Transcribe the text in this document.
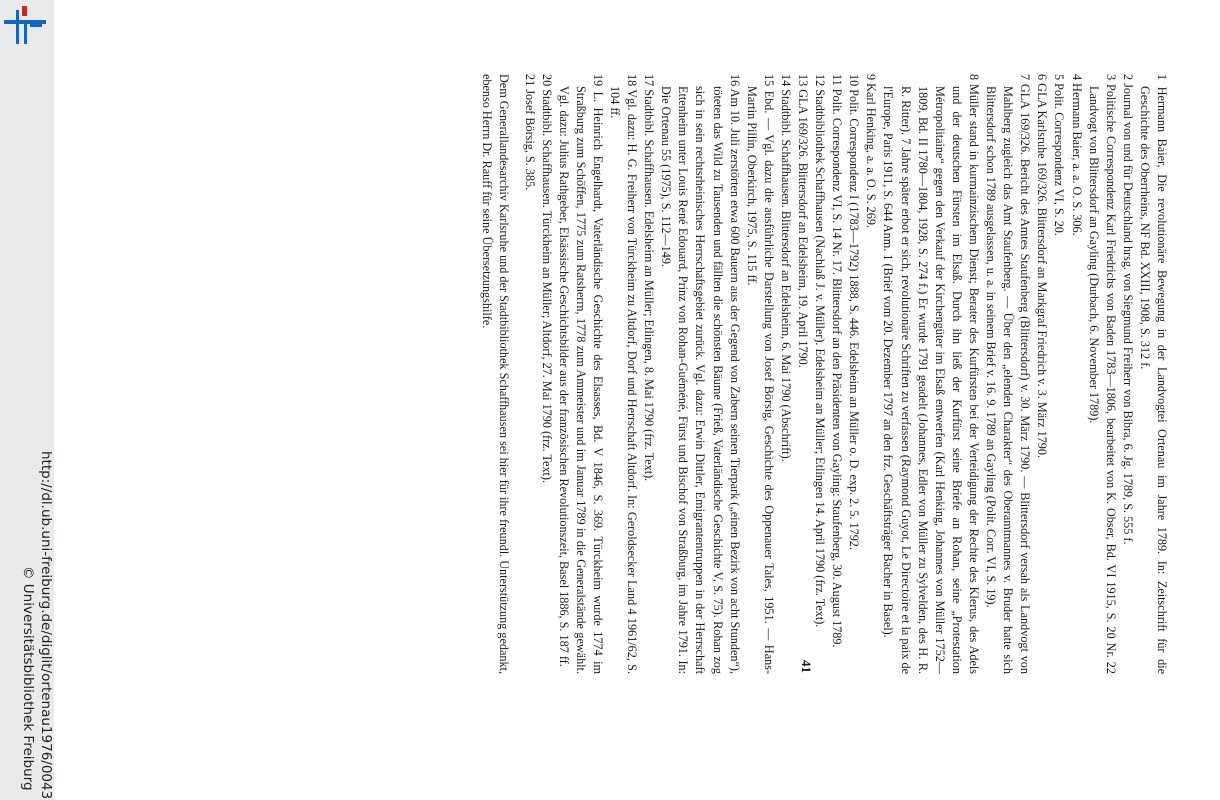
http://dl.ub.uni-freiburg.de/diglit/ortenau1976/0043
© Universitätsbibliothek Freiburg

1 Hermann Baier, Die revolutionäre Bewegung in der Landvogtei Ortenau im Jahre 1789. In: Zeitschrift für die Geschichte des Oberrheins, NF Bd. XXIII, 1908, S. 312 f.

2 Journal von und für Deutschland hrsg. von Siegmund Freiherr von Bibra, 6. Jg. 1789, S. 555 f.

3 Politische Correspondenz Karl Friedrichs von Baden 1783—1806, bearbeitet von K. Obser, Bd. VI 1915, S. 20 Nr. 22 Landvogt von Blittersdorf an Gayling (Durbach, 6. November 1789).

4 Hermann Baier, a. a. O. S. 306.

5 Polit. Correspondenz VI, S. 20.

6 GLA Karlsruhe 169/326. Blittersdorf an Markgraf Friedrich v. 3. März 1790.

7 GLA 169/326. Bericht des Amtes Staufenberg (Blittersdorf) v. 30. März 1790. — Blittersdorf versah als Landvogt von Mahlberg zugleich das Amt Staufenberg. — Über den „elenden Charakter“ des Oberamtmannes v. Bruder hatte sich Blittersdorf schon 1789 ausgelassen, u. a. in seinem Brief v. 16. 9. 1789 an Gayling (Polit. Corr. VI, S. 19).

8 Müller stand in kurmainzischem Dienst; Berater des Kurfürsten bei der Verteidigung der Rechte des Klerus, des Adels und der deutschen Fürsten im Elsaß. Durch ihn ließ der Kurfürst seine Briefe an Rohan, seine „Protestation Métropolitaine“ gegen den Verkauf der Kirchengüter im Elsaß entwerfen (Karl Henking, Johannes von Müller 1752—1809, Bd. II 1780—1804, 1928, S. 274 f.) Er wurde 1791 geadelt (Johannes, Edler von Müller zu Sylvelden, des H. R. R. Ritter). 7 Jahre später erbot er sich, revolutionäre Schriften zu verfassen (Raymond Guyot, Le Directoire et la paix de l'Europe, Paris 1911, S. 644 Anm. 1 (Brief vom 20. Dezember 1797 an den frz. Geschäftsträger Bacher in Basel).

9 Karl Henking, a. a. O. S. 269.

10 Polit. Correspondenz I (1783—1792) 1888, S. 446. Edelsheim an Müller o. D. exp. 2. 5. 1792.

11 Polit. Correspondenz VI, S. 14 Nr. 17. Blittersdorf an den Präsidenten von Gayling: Staufenberg, 30. August 1789.

12 Stadtbibliothek Schaffhausen (Nachlaß J. v. Müller). Edelsheim an Müller; Etlingen 14. April 1790 (frz. Text).

13 GLA 169/326. Blittersdorf an Edelsheim, 19. April 1790.

14 Stadtbibl. Schaffhausen. Blittersdorf an Edelsheim, 6. Mai 1790 (Abschrift).

15 Ebd. — Vgl. dazu die ausführliche Darstellung von Josef Börsig, Geschichte des Oppenauer Tales, 1951. — Hans-Martin Pillin, Oberkirch, 1975, S. 115 ff.

16 Am 10. Juli zerstörten etwa 600 Bauern aus der Gegend von Zabern seinen Tierpark („einen Bezirk von acht Stunden“), töteten das Wild zu Tausenden und fällten die schönsten Bäume (Frieß, Vaterländische Geschichte V, S. 75). Rohan zog sich in sein rechtsrheinisches Herrschaftsgebiet zurück. Vgl. dazu: Erwin Dittler, Emigrantentruppen in der Herrschaft Ettenheim unter Louis René Edouard, Prinz von Rohan-Guéméné, Fürst und Bischof von Straßburg, im Jahre 1791. In: Die Ortenau 55 (1975), S. 112—149.

17 Stadtbibl. Schaffhausen. Edelsheim an Müller; Etlingen, 8. Mai 1790 (frz. Text).

18 Vgl. dazu: H. G. Freiherr von Türckheim zu Altdorf, Dorf und Herrschaft Altdorf. In: Geroldsecker Land 4 1961/62, S. 104 ff.

19 L. Heinrich Engelhardt, Vaterländische Geschichte des Elsasses, Bd. V 1846, S. 369. Türckheim wurde 1774 im Straßburg zum Schöffen, 1775 zum Ratsherrn, 1778 zum Ammeister und im Januar 1789 in die Generalstände gewählt. Vgl. dazu: Julius Rathgeber, Elsässische Geschichtsbilder aus der französischen Revolutionszeit, Basel 1886, S. 187 ff.

20 Stadtbibl. Schaffhausen. Türckheim an Müller; Altdorf, 27. Mai 1790 (frz. Text).

21 Josef Börsig, S. 385.

Dem Generallandesarchiv Karlsruhe und der Stadtbibliothek Schaffhausen sei hier für ihre freundl. Unterstützung gedankt, ebenso Herrn Dr. Rauff für seine Übersetzungshilfe.

41
